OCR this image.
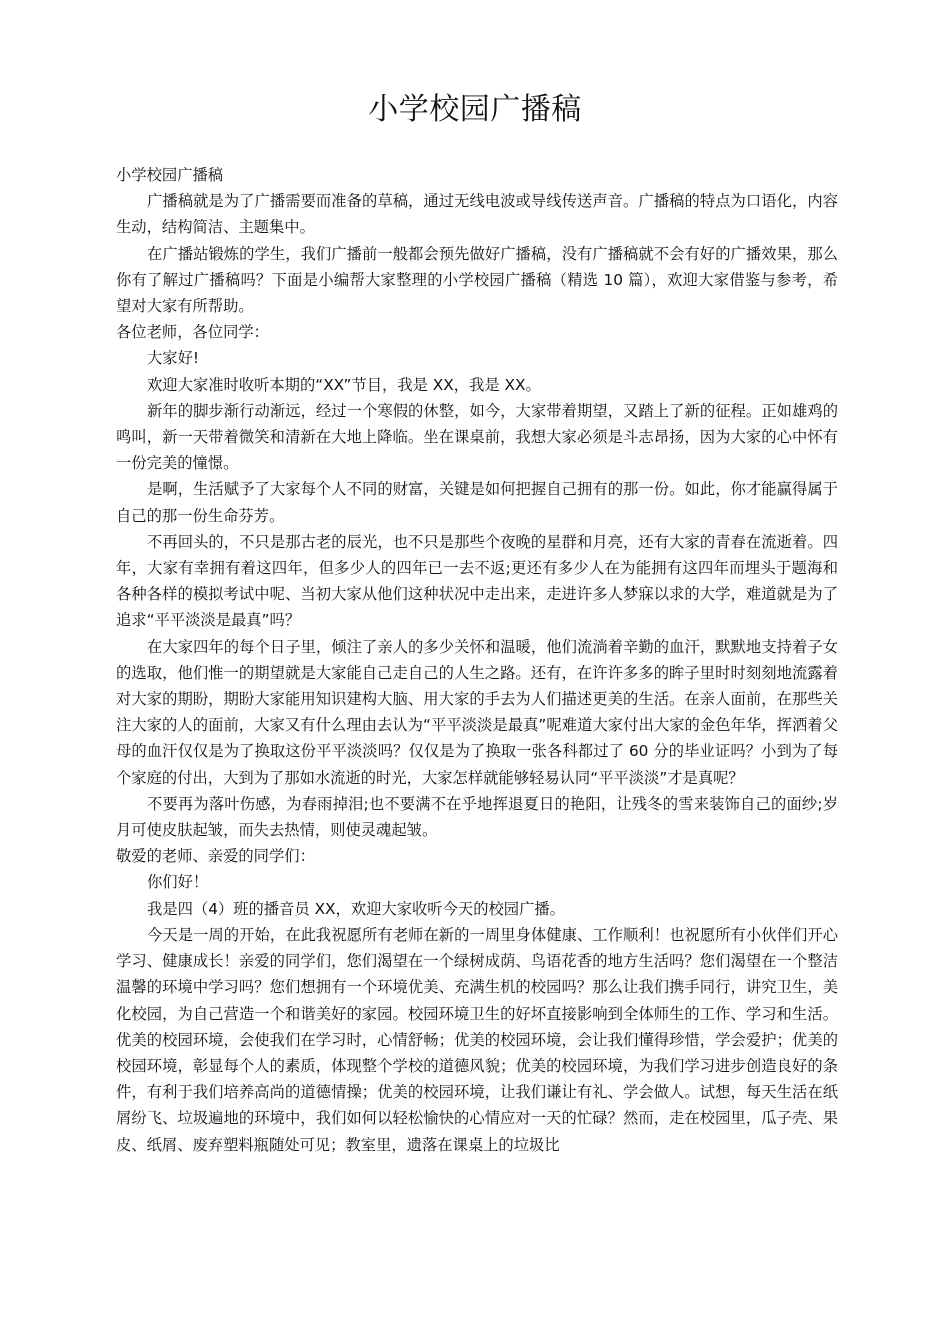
小学校园广播稿

小学校园广播稿

广播稿就是为了广播需要而准备的草稿，通过无线电波或导线传送声音。广播稿的特点为口语化，内容生动，结构简洁、主题集中。

在广播站锻炼的学生，我们广播前一般都会预先做好广播稿，没有广播稿就不会有好的广播效果，那么你有了解过广播稿吗？下面是小编帮大家整理的小学校园广播稿（精选 10 篇），欢迎大家借鉴与参考，希望对大家有所帮助。

各位老师，各位同学：

大家好!

欢迎大家准时收听本期的“XX”节目，我是 XX，我是 XX。

新年的脚步渐行动渐远，经过一个寒假的休整，如今，大家带着期望，又踏上了新的征程。正如雄鸡的鸣叫，新一天带着微笑和清新在大地上降临。坐在课桌前，我想大家必须是斗志昂扬，因为大家的心中怀有一份完美的憧憬。

是啊，生活赋予了大家每个人不同的财富，关键是如何把握自己拥有的那一份。如此，你才能赢得属于自己的那一份生命芬芳。

不再回头的，不只是那古老的辰光，也不只是那些个夜晚的星群和月亮，还有大家的青春在流逝着。四年，大家有幸拥有着这四年，但多少人的四年已一去不返;更还有多少人在为能拥有这四年而埋头于题海和各种各样的模拟考试中呢、当初大家从他们这种状况中走出来，走进许多人梦寐以求的大学，难道就是为了追求“平平淡淡是最真”吗？

在大家四年的每个日子里，倾注了亲人的多少关怀和温暖，他们流淌着辛勤的血汗，默默地支持着子女的选取，他们惟一的期望就是大家能自己走自己的人生之路。还有，在许许多多的眸子里时时刻刻地流露着对大家的期盼，期盼大家能用知识建构大脑、用大家的手去为人们描述更美的生活。在亲人面前，在那些关注大家的人的面前，大家又有什么理由去认为“平平淡淡是最真”呢难道大家付出大家的金色年华，挥洒着父母的血汗仅仅是为了换取这份平平淡淡吗？仅仅是为了换取一张各科都过了 60 分的毕业证吗？小到为了每个家庭的付出，大到为了那如水流逝的时光，大家怎样就能够轻易认同“平平淡淡”才是真呢？

不要再为落叶伤感，为春雨掉泪;也不要满不在乎地挥退夏日的艳阳，让残冬的雪来装饰自己的面纱;岁月可使皮肤起皱，而失去热情，则使灵魂起皱。

敬爱的老师、亲爱的同学们：

你们好！

我是四（4）班的播音员 XX，欢迎大家收听今天的校园广播。

今天是一周的开始，在此我祝愿所有老师在新的一周里身体健康、工作顺利！也祝愿所有小伙伴们开心学习、健康成长！亲爱的同学们，您们渴望在一个绿树成荫、鸟语花香的地方生活吗？您们渴望在一个整洁温馨的环境中学习吗？您们想拥有一个环境优美、充满生机的校园吗？那么让我们携手同行，讲究卫生，美化校园，为自己营造一个和谐美好的家园。校园环境卫生的好坏直接影响到全体师生的工作、学习和生活。优美的校园环境，会使我们在学习时，心情舒畅；优美的校园环境，会让我们懂得珍惜，学会爱护；优美的校园环境，彰显每个人的素质，体现整个学校的道德风貌；优美的校园环境，为我们学习进步创造良好的条件，有利于我们培养高尚的道德情操；优美的校园环境，让我们谦让有礼、学会做人。试想，每天生活在纸屑纷飞、垃圾遍地的环境中，我们如何以轻松愉快的心情应对一天的忙碌？然而，走在校园里，瓜子壳、果皮、纸屑、废弃塑料瓶随处可见；教室里，遗落在课桌上的垃圾比
